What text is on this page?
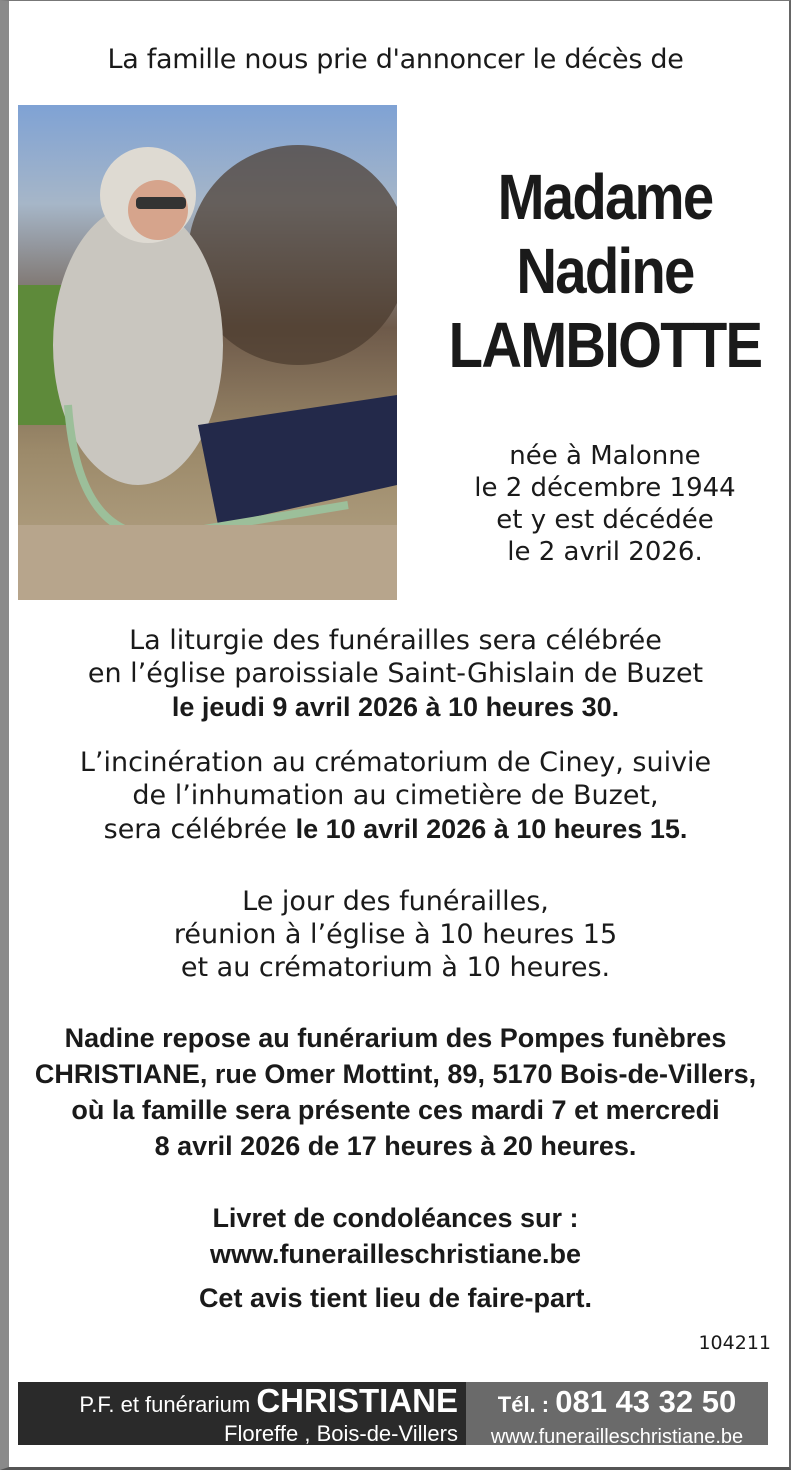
La famille nous prie d'annoncer le décès de
Madame
Nadine
LAMBIOTTE
née à Malonne
le 2 décembre 1944
et y est décédée
le 2 avril 2026.
La liturgie des funérailles sera célébrée
en l’église paroissiale Saint-Ghislain de Buzet
le jeudi 9 avril 2026 à 10 heures 30.
L’incinération au crématorium de Ciney, suivie
de l’inhumation au cimetière de Buzet,
sera célébrée le 10 avril 2026 à 10 heures 15.
Le jour des funérailles,
réunion à l’église à 10 heures 15
et au crématorium à 10 heures.
Nadine repose au funérarium des Pompes funèbres
CHRISTIANE, rue Omer Mottint, 89, 5170 Bois-de-Villers,
où la famille sera présente ces mardi 7 et mercredi
8 avril 2026 de 17 heures à 20 heures.
Livret de condoléances sur :
www.funerailleschristiane.be
Cet avis tient lieu de faire-part.
104211
P.F. et funérarium CHRISTIANE
Floreffe , Bois-de-Villers
Tél. : 081 43 32 50
www.funerailleschristiane.be
